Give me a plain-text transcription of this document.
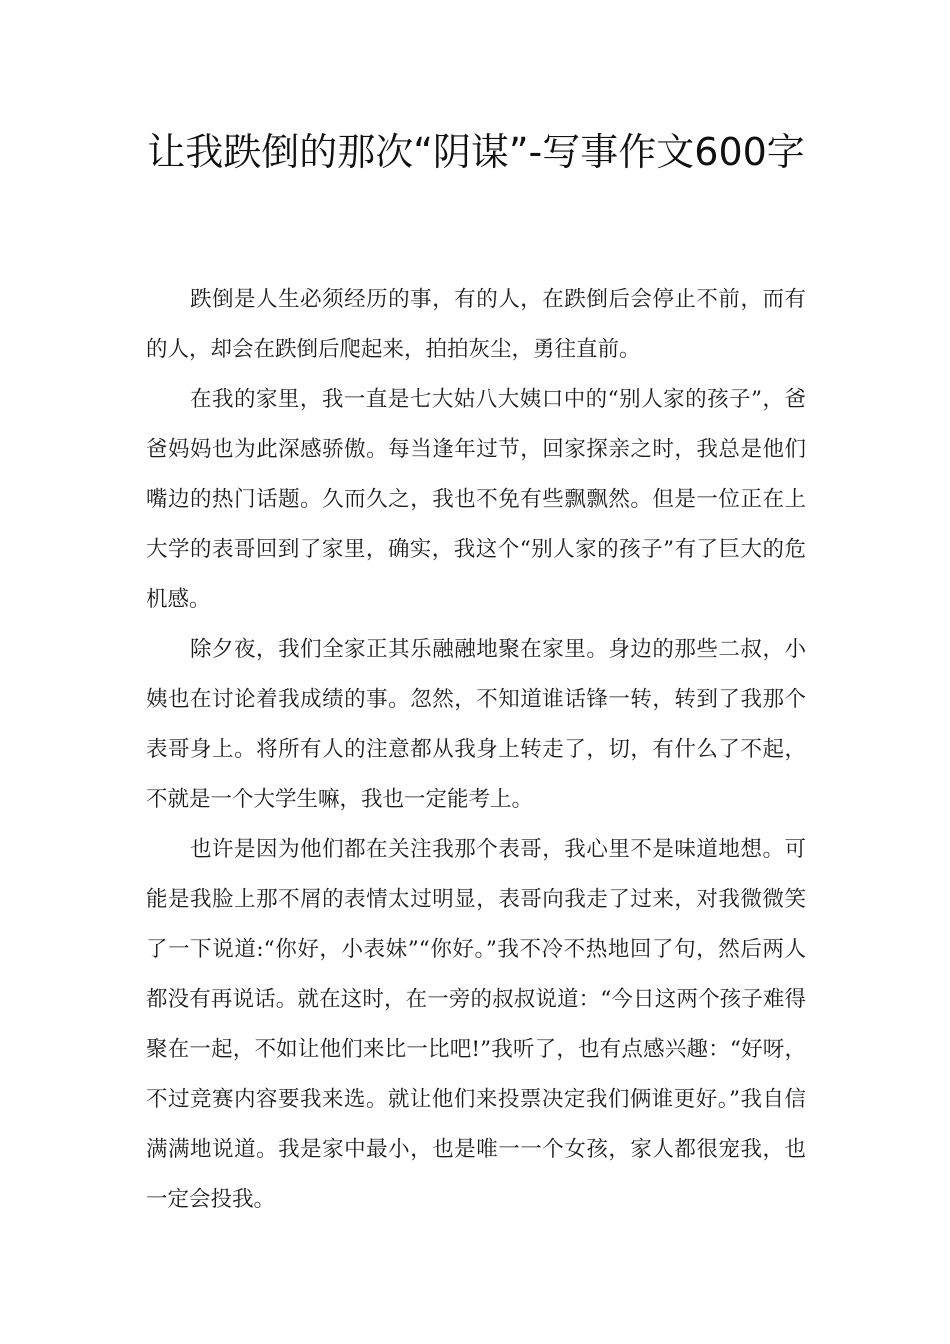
让我跌倒的那次“阴谋”-写事作文600字

跌倒是人生必须经历的事，有的人，在跌倒后会停止不前，而有的人，却会在跌倒后爬起来，拍拍灰尘，勇往直前。

在我的家里，我一直是七大姑八大姨口中的“别人家的孩子”，爸爸妈妈也为此深感骄傲。每当逢年过节，回家探亲之时，我总是他们嘴边的热门话题。久而久之，我也不免有些飘飘然。但是一位正在上大学的表哥回到了家里，确实，我这个“别人家的孩子”有了巨大的危机感。

除夕夜，我们全家正其乐融融地聚在家里。身边的那些二叔，小姨也在讨论着我成绩的事。忽然，不知道谁话锋一转，转到了我那个表哥身上。将所有人的注意都从我身上转走了，切，有什么了不起，不就是一个大学生嘛，我也一定能考上。

也许是因为他们都在关注我那个表哥，我心里不是味道地想。可能是我脸上那不屑的表情太过明显，表哥向我走了过来，对我微微笑了一下说道:“你好，小表妹”“你好。”我不冷不热地回了句，然后两人都没有再说话。就在这时，在一旁的叔叔说道：“今日这两个孩子难得聚在一起，不如让他们来比一比吧!”我听了，也有点感兴趣：“好呀，不过竞赛内容要我来选。就让他们来投票决定我们俩谁更好。”我自信满满地说道。我是家中最小，也是唯一一个女孩，家人都很宠我，也一定会投我。
